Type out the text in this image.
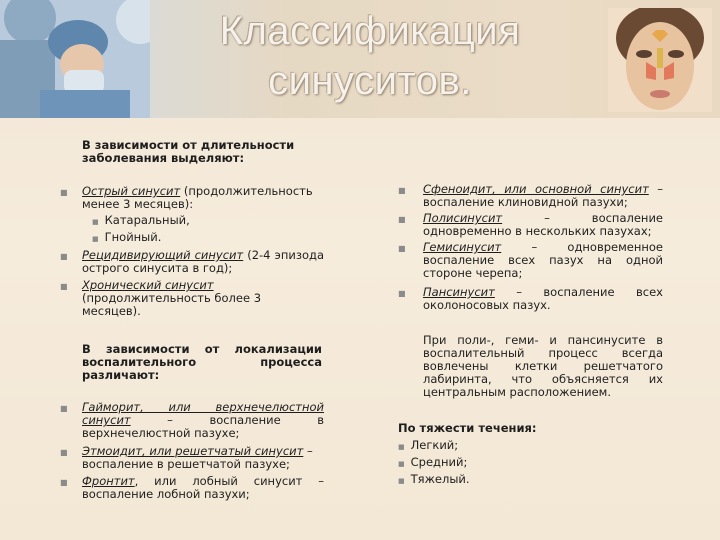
Классификация синуситов.
В зависимости от длительности заболевания выделяют:
■ Острый синусит (продолжительность менее 3 месяцев):
■ Катаральный,
■ Гнойный.
■ Рецидивирующий синусит (2-4 эпизода острого синусита в год);
■ Хронический синусит (продолжительность более 3 месяцев).
В зависимости от локализации воспалительного процесса различают:
■ Гайморит, или верхнечелюстной синусит – воспаление в верхнечелюстной пазухе;
■ Этмоидит, или решетчатый синусит – воспаление в решетчатой пазухе;
■ Фронтит, или лобный синусит – воспаление лобной пазухи;
■ Сфеноидит, или основной синусит – воспаление клиновидной пазухи;
■ Полисинусит – воспаление одновременно в нескольких пазухах;
■ Гемисинусит – одновременное воспаление всех пазух на одной стороне черепа;
■ Пансинусит – воспаление всех околоносовых пазух.
При поли-, геми- и пансинусите в воспалительный процесс всегда вовлечены клетки решетчатого лабиринта, что объясняется их центральным расположением.
По тяжести течения:
■ Легкий;
■ Средний;
■ Тяжелый.
